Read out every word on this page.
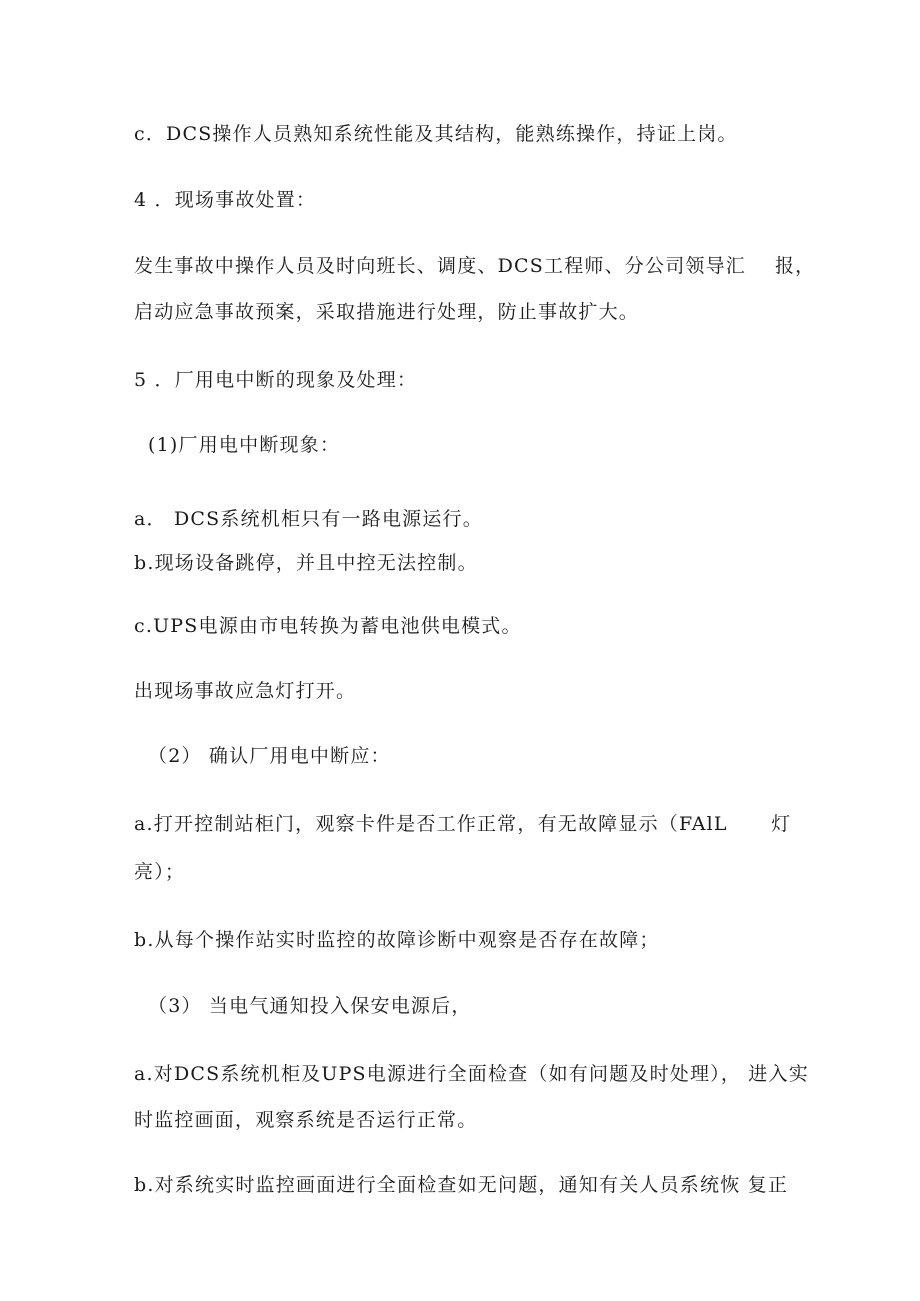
c．DCS操作人员熟知系统性能及其结构，能熟练操作，持证上岗。
4 ．现场事故处置：
发生事故中操作人员及时向班长、调度、DCS工程师、分公司领导汇    报，
启动应急事故预案，采取措施进行处理，防止事故扩大。
5 ．厂用电中断的现象及处理：
(1)厂用电中断现象：
a． DCS系统机柜只有一路电源运行。
b.现场设备跳停，并且中控无法控制。
c.UPS电源由市电转换为蓄电池供电模式。
出现场事故应急灯打开。
（2） 确认厂用电中断应：
a.打开控制站柜门，观察卡件是否工作正常，有无故障显示（FAlL      灯
亮）；
b.从每个操作站实时监控的故障诊断中观察是否存在故障；
（3） 当电气通知投入保安电源后，
a.对DCS系统机柜及UPS电源进行全面检查（如有问题及时处理）， 进入实
时监控画面，观察系统是否运行正常。
b.对系统实时监控画面进行全面检查如无问题，通知有关人员系统恢 复正
